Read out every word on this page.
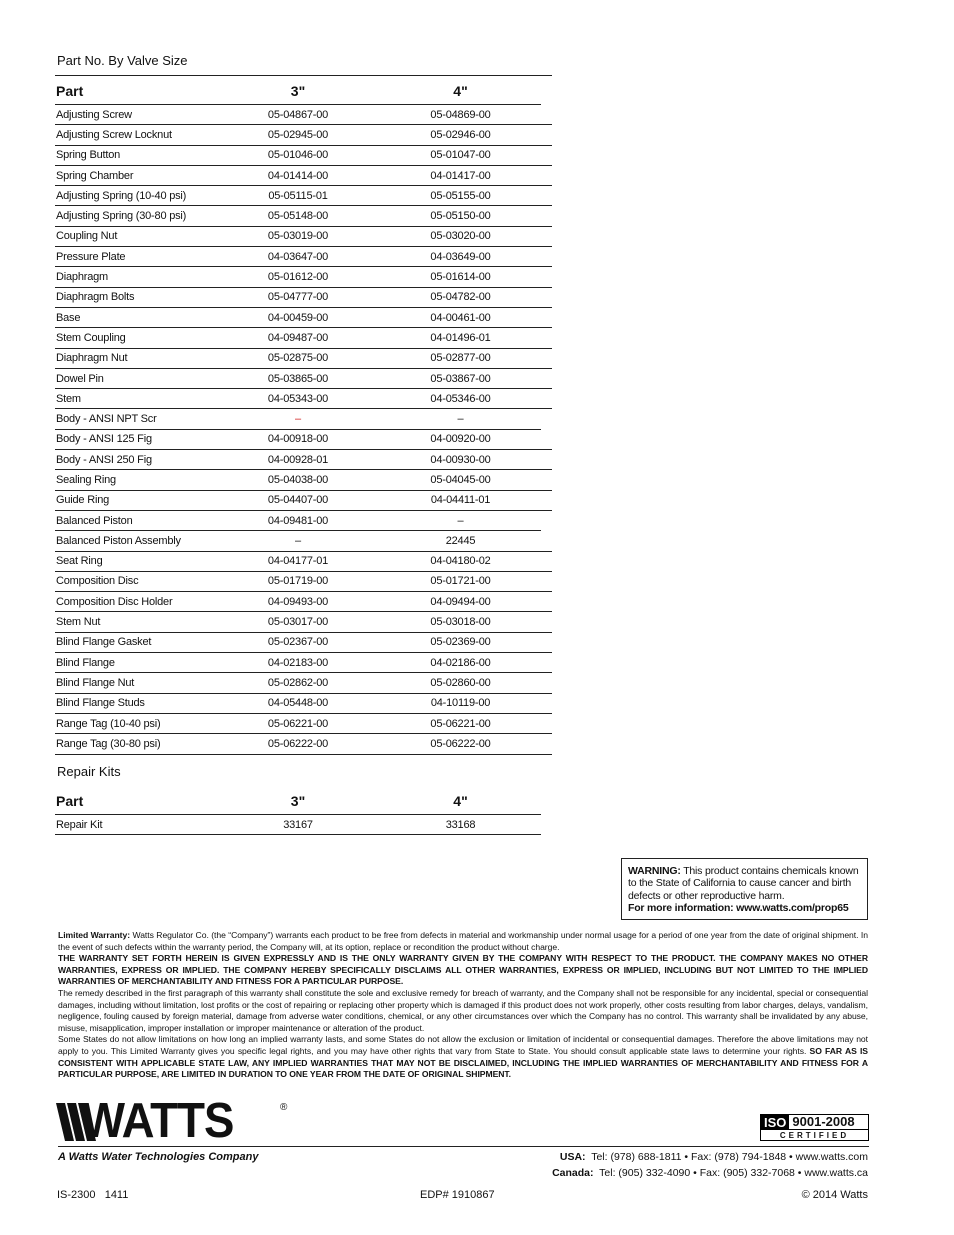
Part No. By Valve Size
Part	3"	4"	
Adjusting Screw	05-04867-00	05-04869-00	
Adjusting Screw Locknut	05-02945-00	05-02946-00	
Spring Button	05-01046-00	05-01047-00	
Spring Chamber	04-01414-00	04-01417-00	
Adjusting Spring (10-40 psi)	05-05115-01	05-05155-00	
Adjusting Spring (30-80 psi)	05-05148-00	05-05150-00	
Coupling Nut	05-03019-00	05-03020-00	
Pressure Plate	04-03647-00	04-03649-00	
Diaphragm	05-01612-00	05-01614-00	
Diaphragm Bolts	05-04777-00	05-04782-00	
Base	04-00459-00	04-00461-00	
Stem Coupling	04-09487-00	04-01496-01	
Diaphragm Nut	05-02875-00	05-02877-00	
Dowel Pin	05-03865-00	05-03867-00	
Stem	04-05343-00	04-05346-00	
Body - ANSI NPT Scr	–	–	
Body - ANSI 125 Fig	04-00918-00	04-00920-00	
Body - ANSI 250 Fig	04-00928-01	04-00930-00	
Sealing Ring	05-04038-00	05-04045-00	
Guide Ring	05-04407-00	04-04411-01	
Balanced Piston	04-09481-00	–	
Balanced Piston Assembly	–	22445	
Seat Ring	04-04177-01	04-04180-02	
Composition Disc	05-01719-00	05-01721-00	
Composition Disc Holder	04-09493-00	04-09494-00	
Stem Nut	05-03017-00	05-03018-00	
Blind Flange Gasket	05-02367-00	05-02369-00	
Blind Flange	04-02183-00	04-02186-00	
Blind Flange Nut	05-02862-00	05-02860-00	
Blind Flange Studs	04-05448-00	04-10119-00	
Range Tag (10-40 psi)	05-06221-00	05-06221-00	
Range Tag (30-80 psi)	05-06222-00	05-06222-00	
Repair Kits
Part	3"	4"	
Repair Kit	33167	33168	
WARNING: This product contains chemicals known to the State of California to cause cancer and birth defects or other reproductive harm.
For more information: www.watts.com/prop65

Limited Warranty: Watts Regulator Co. (the “Company”) warrants each product to be free from defects in material and workmanship under normal usage for a period of one year from the date of original shipment. In the event of such defects within the warranty period, the Company will, at its option, replace or recondition the product without charge.
THE WARRANTY SET FORTH HEREIN IS GIVEN EXPRESSLY AND IS THE ONLY WARRANTY GIVEN BY THE COMPANY WITH RESPECT TO THE PRODUCT. THE COMPANY MAKES NO OTHER WARRANTIES, EXPRESS OR IMPLIED. THE COMPANY HEREBY SPECIFICALLY DISCLAIMS ALL OTHER WARRANTIES, EXPRESS OR IMPLIED, INCLUDING BUT NOT LIMITED TO THE IMPLIED WARRANTIES OF MERCHANTABILITY AND FITNESS FOR A PARTICULAR PURPOSE.

The remedy described in the first paragraph of this warranty shall constitute the sole and exclusive remedy for breach of warranty, and the Company shall not be responsible for any incidental, special or consequential damages, including without limitation, lost profits or the cost of repairing or replacing other property which is damaged if this product does not work properly, other costs resulting from labor charges, delays, vandalism, negligence, fouling caused by foreign material, damage from adverse water conditions, chemical, or any other circumstances over which the Company has no control. This warranty shall be invalidated by any abuse, misuse, misapplication, improper installation or improper maintenance or alteration of the product.

Some States do not allow limitations on how long an implied warranty lasts, and some States do not allow the exclusion or limitation of incidental or consequential damages. Therefore the above limitations may not apply to you. This Limited Warranty gives you specific legal rights, and you may have other rights that vary from State to State. You should consult applicable state laws to determine your rights. SO FAR AS IS CONSISTENT WITH APPLICABLE STATE LAW, ANY IMPLIED WARRANTIES THAT MAY NOT BE DISCLAIMED, INCLUDING THE IMPLIED WARRANTIES OF MERCHANTABILITY AND FITNESS FOR A PARTICULAR PURPOSE, ARE LIMITED IN DURATION TO ONE YEAR FROM THE DATE OF ORIGINAL SHIPMENT.

WATTS	®
ISO 9001-2008
CERTIFIED
A Watts Water Technologies Company	USA: Tel: (978) 688-1811 • Fax: (978) 794-1848 • www.watts.com
Canada: Tel: (905) 332-4090 • Fax: (905) 332-7068 • www.watts.ca
IS-2300   1411	EDP# 1910867	© 2014 Watts
